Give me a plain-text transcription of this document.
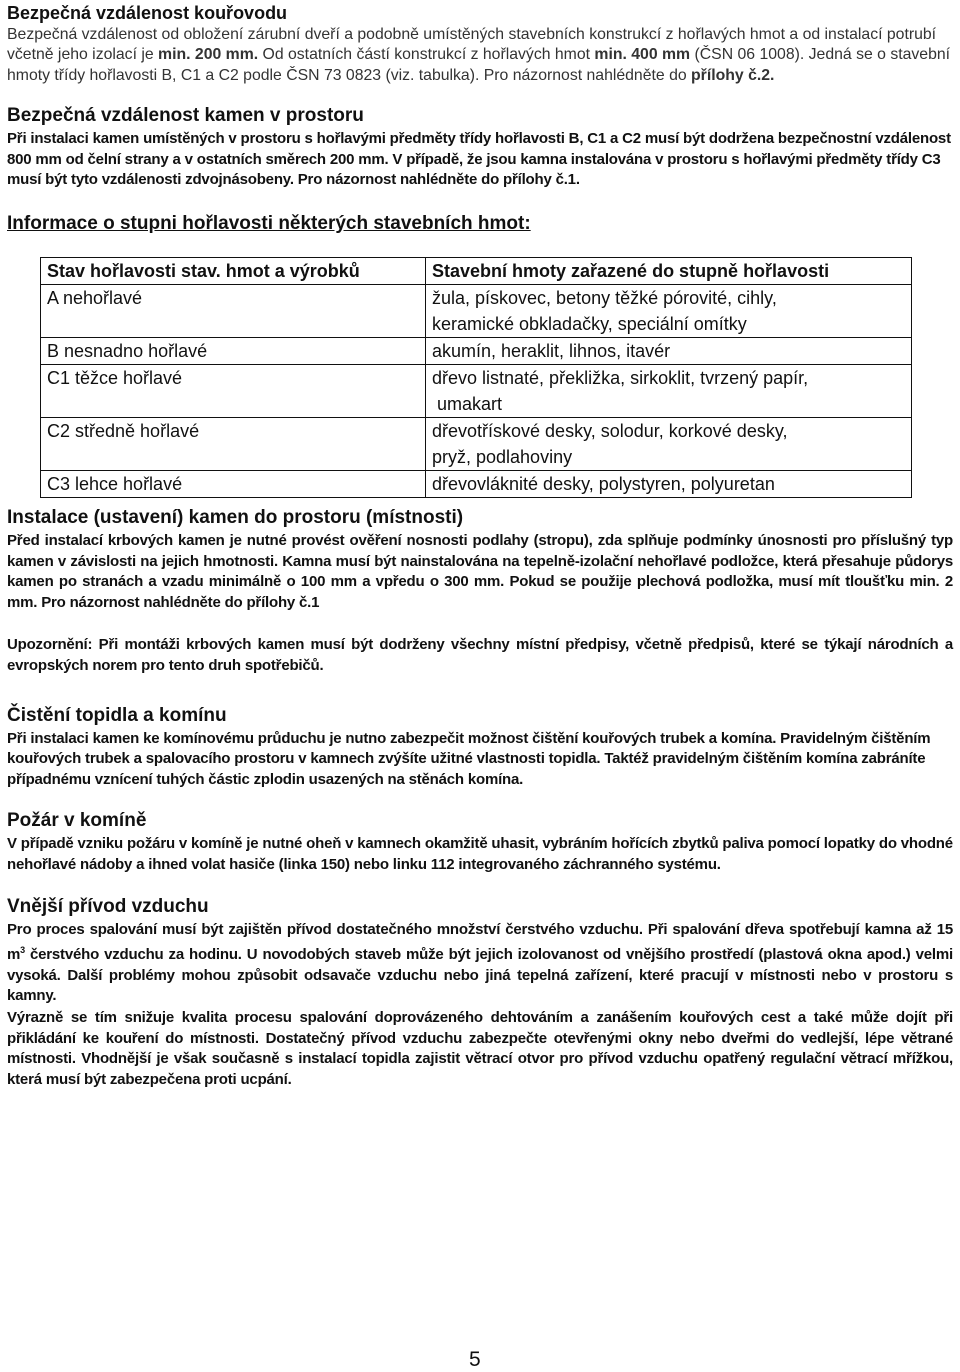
Bezpečná vzdálenost kouřovodu

Bezpečná vzdálenost od obložení zárubní dveří a podobně umístěných stavebních konstrukcí z hořlavých hmot a od instalací potrubí včetně jeho izolací je min. 200 mm. Od ostatních částí konstrukcí z hořlavých hmot min. 400 mm (ČSN 06 1008). Jedná se o stavební hmoty třídy hořlavosti B, C1 a C2 podle ČSN 73 0823 (viz. tabulka). Pro názornost nahlédněte do přílohy č.2.

Bezpečná vzdálenost kamen v prostoru

Při instalaci kamen umístěných v prostoru s hořlavými předměty třídy hořlavosti B, C1 a C2 musí být dodržena bezpečnostní vzdálenost 800 mm od čelní strany a v ostatních směrech 200 mm. V případě, že jsou kamna instalována v prostoru s hořlavými předměty třídy C3 musí být tyto vzdálenosti zdvojnásobeny. Pro názornost nahlédněte do přílohy č.1.

Informace o stupni hořlavosti některých stavebních hmot:
Stav hořlavosti stav. hmot a výrobků	Stavební hmoty zařazené do stupně hořlavosti
A nehořlavé	žula, pískovec, betony těžké pórovité, cihly,
keramické obkladačky, speciální omítky
B nesnadno hořlavé	akumín, heraklit, lihnos, itavér
C1 těžce hořlavé	dřevo listnaté, překližka, sirkoklit, tvrzený papír,
umakart
C2 středně hořlavé	dřevotřískové desky, solodur, korkové desky,
pryž, podlahoviny
C3 lehce hořlavé	dřevovláknité desky, polystyren, polyuretan
Instalace (ustavení) kamen do prostoru (místnosti)

Před instalací krbových kamen je nutné provést ověření nosnosti podlahy (stropu), zda splňuje podmínky únosnosti pro příslušný typ kamen v závislosti na jejich hmotnosti. Kamna musí být nainstalována na tepelně-izolační nehořlavé podložce, která přesahuje půdorys kamen po stranách a vzadu minimálně o 100 mm a vpředu o 300 mm. Pokud se použije plechová podložka, musí mít tloušťku min. 2 mm. Pro názornost nahlédněte do přílohy č.1

Upozornění: Při montáži krbových kamen musí být dodrženy všechny místní předpisy, včetně předpisů, které se týkají národních a evropských norem pro tento druh spotřebičů.

Čistění topidla a komínu

Při instalaci kamen ke komínovému průduchu je nutno zabezpečit možnost čištění kouřových trubek a komína. Pravidelným čištěním kouřových trubek a spalovacího prostoru v kamnech zvýšíte užitné vlastnosti topidla. Taktéž pravidelným čištěním komína zabráníte případnému vznícení tuhých částic zplodin usazených na stěnách komína.

Požár v komíně

V případě vzniku požáru v komíně je nutné oheň v kamnech okamžitě uhasit, vybráním hořících zbytků paliva pomocí lopatky do vhodné nehořlavé nádoby a ihned volat hasiče (linka 150) nebo linku 112 integrovaného záchranného systému.

Vnější přívod vzduchu

Pro proces spalování musí být zajištěn přívod dostatečného množství čerstvého vzduchu. Při spalování dřeva spotřebují kamna až 15 $m^3$ čerstvého vzduchu za hodinu. U novodobých staveb může být jejich izolovanost od vnějšího prostředí (plastová okna apod.) velmi vysoká. Další problémy mohou způsobit odsavače vzduchu nebo jiná tepelná zařízení, které pracují v místnosti nebo v prostoru s kamny.

Výrazně se tím snižuje kvalita procesu spalování doprovázeného dehtováním a zanášením kouřových cest a také může dojít při přikládání ke kouření do místnosti. Dostatečný přívod vzduchu zabezpečte otevřenými okny nebo dveřmi do vedlejší, lépe větrané místnosti. Vhodnější je však současně s instalací topidla zajistit větrací otvor pro přívod vzduchu opatřený regulační větrací mřížkou, která musí být zabezpečena proti ucpání.

5
